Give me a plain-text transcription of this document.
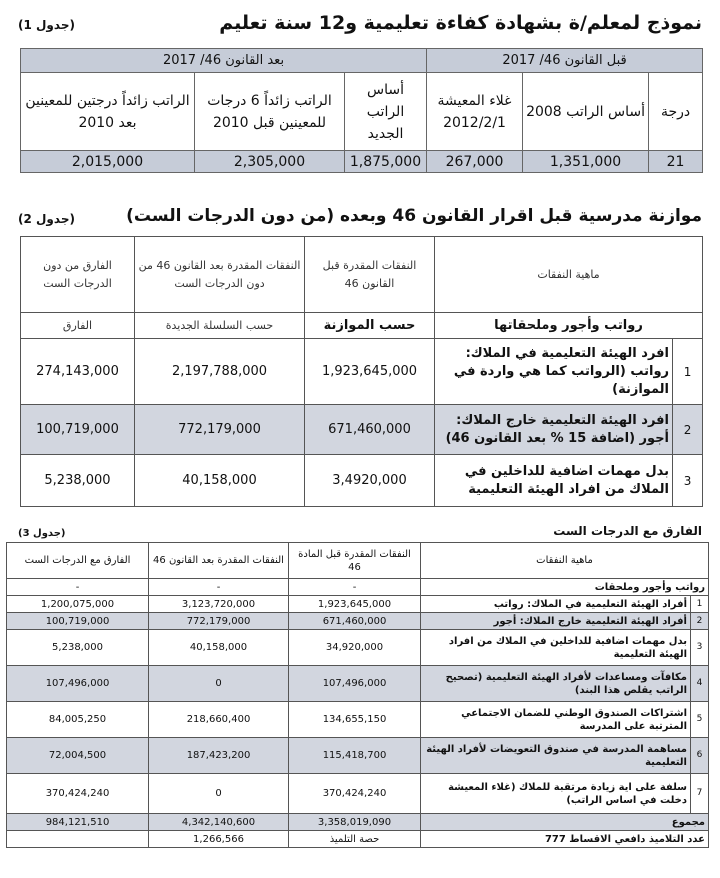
نموذج لمعلم/ة بشهادة كفاءة تعليمية و12 سنة تعليم
(جدول 1)
قبل القانون 46/ 2017			بعد القانون 46/ 2017		
درجة	أساس الراتب 2008	غلاء المعيشة 2012/2/1	أساس الراتب الجديد	الراتب زائداً 6 درجات للمعينين قبل 2010	الراتب زائداً درجتين للمعينين بعد 2010
21	1,351,000	267,000	1,875,000	2,305,000	2,015,000
موازنة مدرسية قبل اقرار القانون 46 وبعده (من دون الدرجات الست)
(جدول 2)
ماهية النفقات		النفقات المقدرة قبل القانون 46	النفقات المقدرة بعد القانون 46 من دون الدرجات الست	الفارق من دون الدرجات الست
رواتب وأجور وملحقاتها		حسب الموازنة	حسب السلسلة الجديدة	الفارق
1	افرد الهيئة التعليمية في الملاك: رواتب (الرواتب كما هي واردة في الموازنة)	1,923,645,000	2,197,788,000	274,143,000
2	افرد الهيئة التعليمية خارج الملاك: أجور (اضافة 15 % بعد القانون 46)	671,460,000	772,179,000	100,719,000
3	بدل مهمات اضافية للداخلين في الملاك من افراد الهيئة التعليمية	3,4920,000	40,158,000	5,238,000
الفارق مع الدرجات الست
(جدول 3)
ماهية النفقات		النفقات المقدرة قبل المادة 46	النفقات المقدرة بعد القانون 46	الفارق مع الدرجات الست
رواتب وأجور وملحقات		-	-	-
1	أفراد الهيئة التعليمية في الملاك: رواتب	1,923,645,000	3,123,720,000	1,200,075,000
2	أفراد الهيئة التعليمية خارج الملاك: أجور	671,460,000	772,179,000	100,719,000
3	بدل مهمات اضافية للداخلين في الملاك من افراد الهيئة التعليمية	34,920,000	40,158,000	5,238,000
4	مكافآت ومساعدات لأفراد الهيئة التعليمية (تصحيح الراتب يقلص هذا البند)	107,496,000	0	107,496,000
5	اشتراكات الصندوق الوطني للضمان الاجتماعي المترتبة على المدرسة	134,655,150	218,660,400	84,005,250
6	مساهمة المدرسة في صندوق التعويضات لأفراد الهيئة التعليمية	115,418,700	187,423,200	72,004,500
7	سلفة على اية زيادة مرتقبة للملاك (غلاء المعيشة دخلت في اساس الراتب)	370,424,240	0	370,424,240
مجموع		3,358,019,090	4,342,140,600	984,121,510
عدد التلاميذ دافعي الاقساط 777		حصة التلميذ	1,266,566	
